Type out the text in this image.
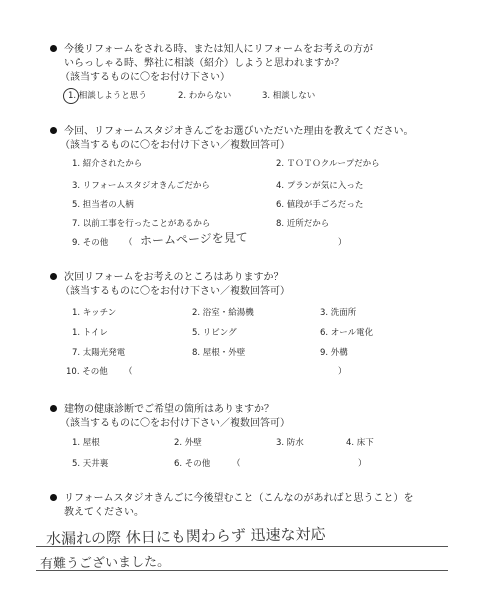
今後リフォームをされる時、または知人にリフォームをお考えの方が
いらっしゃる時、弊社に相談（紹介）しようと思われますか？
（該当するものに〇をお付け下さい）
1. 相談しようと思う	2. わからない	3. 相談しない
今回、リフォームスタジオきんごをお選びいただいた理由を教えてください。
（該当するものに〇をお付け下さい／複数回答可）
1. 紹介されたから	2. ＴＯＴＯクループだから
3. リフォームスタジオきんごだから	4. プランが気に入った
5. 担当者の人柄	6. 値段が手ごろだった
7. 以前工事を行ったことがあるから	8. 近所だから
9. その他 （ ホームページを見て	）
次回リフォームをお考えのところはありますか？
（該当するものに〇をお付け下さい／複数回答可）
1. キッチン	2. 浴室・給湯機	3. 洗面所
1. トイレ	5. リビング	6. オール電化
7. 太陽光発電	8. 屋根・外壁	9. 外構
10. その他 （	）
建物の健康診断でご希望の箇所はありますか？
（該当するものに〇をお付け下さい／複数回答可）
1. 屋根	2. 外壁	3. 防水	4. 床下
5. 天井裏	6. その他	（	）
リフォームスタジオきんごに今後望むこと（こんなのがあればと思うこと）を
教えてください。
水漏れの際 休日にも関わらず 迅速な対応
有難うございました。
